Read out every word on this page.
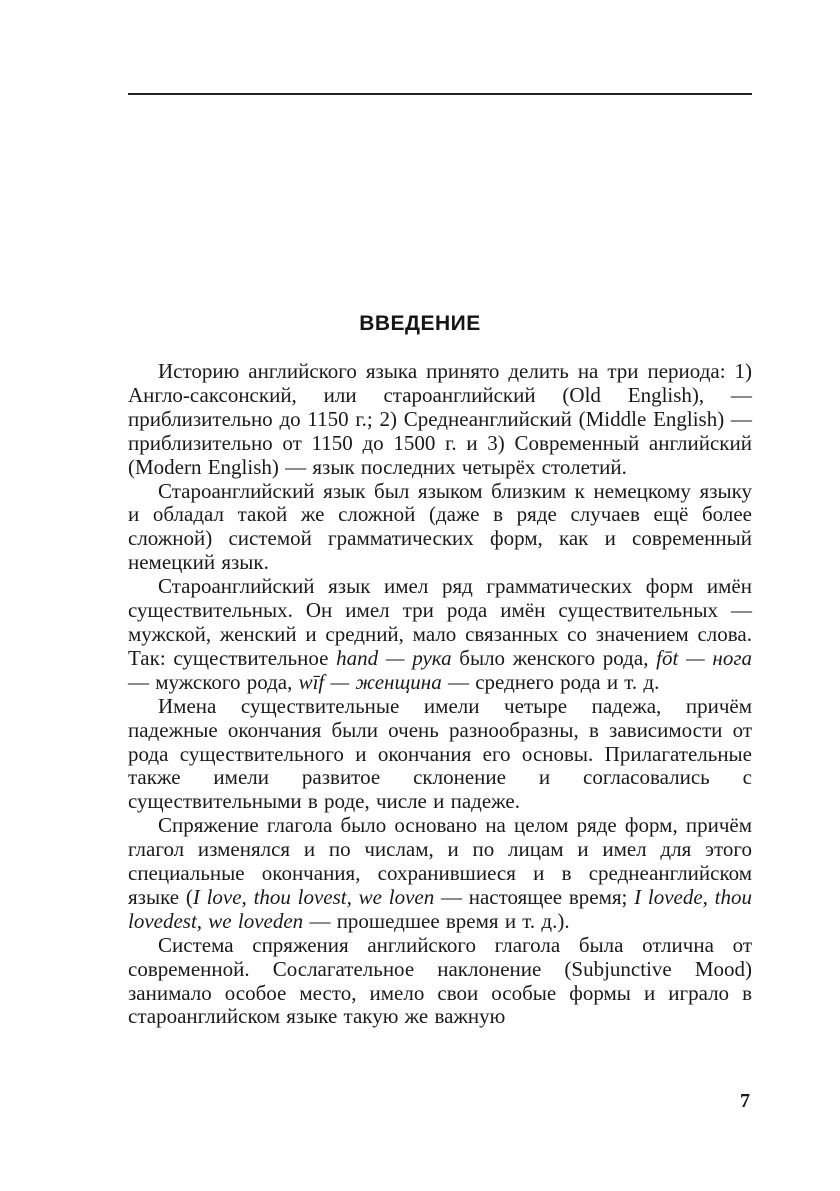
ВВЕДЕНИЕ

Историю английского языка принято делить на три периода: 1) Англо-саксонский, или староанглийский (Old English), — приблизительно до 1150 г.; 2) Среднеанглийский (Middle English) — приблизительно от 1150 до 1500 г. и 3) Современный английский (Modern English) — язык последних четырёх столетий.

Староанглийский язык был языком близким к немецкому языку и обладал такой же сложной (даже в ряде случаев ещё более сложной) системой грамматических форм, как и современный немецкий язык.

Староанглийский язык имел ряд грамматических форм имён существительных. Он имел три рода имён существительных — мужской, женский и средний, мало связанных со значением слова. Так: существительное hand — рука было женского рода, fōt — нога — мужского рода, wīf — женщина — среднего рода и т. д.

Имена существительные имели четыре падежа, причём падежные окончания были очень разнообразны, в зависимости от рода существительного и окончания его основы. Прилагательные также имели развитое склонение и согласовались с существительными в роде, числе и падеже.

Спряжение глагола было основано на целом ряде форм, причём глагол изменялся и по числам, и по лицам и имел для этого специальные окончания, сохранившиеся и в среднеанглийском языке (I love, thou lovest, we loven — настоящее время; I lovede, thou lovedest, we loveden — прошедшее время и т. д.).

Система спряжения английского глагола была отлична от современной. Сослагательное наклонение (Subjunctive Mood) занимало особое место, имело свои особые формы и играло в староанглийском языке такую же важную

7
